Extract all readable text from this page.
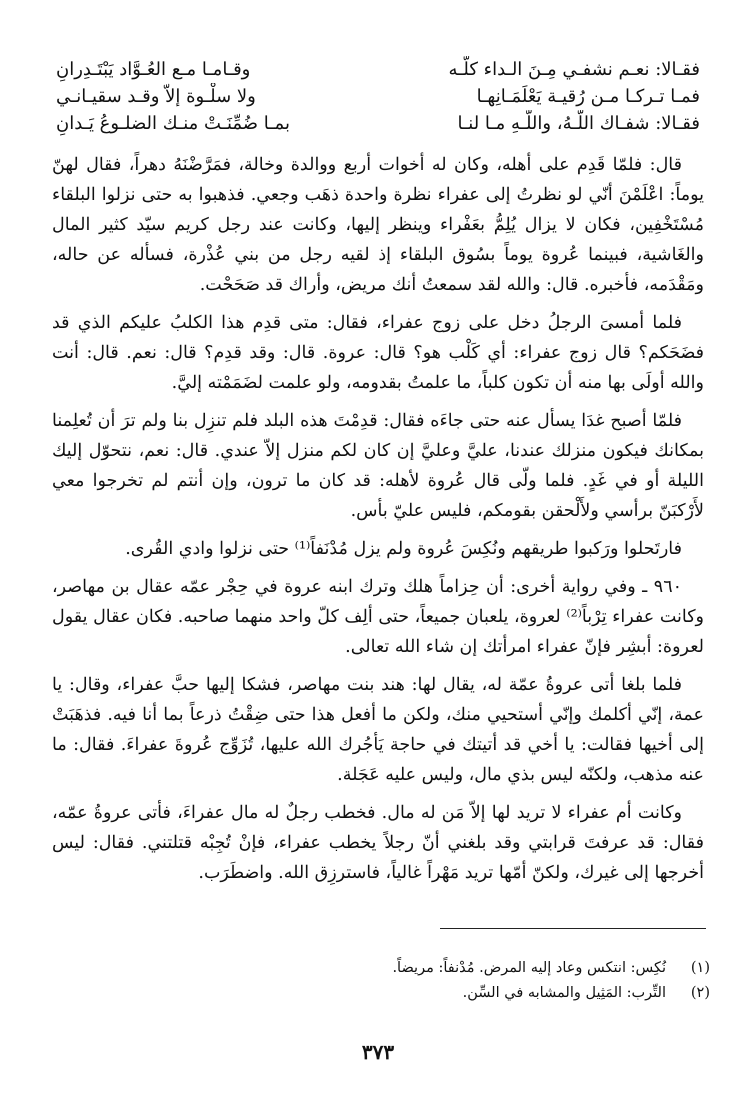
فقـالا: نعـم نشفـي مِـنَ الـداء كلّـه
وقـامـا مـع العُـوَّاد يَبْتَـدِرانِ
فمـا تـركـا مـن رُقيـة يَعْلَمَـانِهـا
ولا سلْـوة إلاّ وقـد سقيـانـي
فقـالا: شفـاك اللّـهُ، واللّـهِ مـا لنـا
بمـا ضُمِّنَـتْ منـك الضلـوعُ يَـدانِ

قال: فلمّا قَدِم على أهله، وكان له أخوات أربع ووالدة وخالة، فمَرَّضْنَهُ دهراً، فقال لهنّ يوماً: اعْلَمْنَ أنّي لو نظرتُ إلى عفراء نظرة واحدة ذهَب وجعي. فذهبوا به حتى نزلوا البلقاء مُسْتَخْفِين، فكان لا يزال يُلِمُّ بعَفْراء وينظر إليها، وكانت عند رجل كريم سيّد كثير المال والغَاشية، فبينما عُروة يوماً بسُوق البلقاء إذ لقيه رجل من بني عُذْرة، فسأله عن حاله، ومَقْدَمه، فأخبره. قال: والله لقد سمعتُ أنك مريض، وأراك قد صَحَحْت.

فلما أمسىَ الرجلُ دخل على زوج عفراء، فقال: متى قدِم هذا الكلبُ عليكم الذي قد فضَحَكم؟ قال زوج عفراء: أي كَلْب هو؟ قال: عروة. قال: وقد قدِم؟ قال: نعم. قال: أنت والله أولَى بها منه أن تكون كلباً، ما علمتُ بقدومه، ولو علمت لضَمَمْته إليَّ.

فلمّا أصبح غدَا يسأل عنه حتى جاءَه فقال: قدِمْتَ هذه البلد فلم تنزِل بنا ولم ترَ أن تُعلِمنا بمكانك فيكون منزلك عندنا، عليَّ وعليَّ إن كان لكم منزل إلاّ عندي. قال: نعم، نتحوّل إليك الليلة أو في غَدٍ. فلما ولّى قال عُروة لأهله: قد كان ما ترون، وإن أنتم لم تخرجوا معي لأَرْكبَنّ برأسي ولأَلْحقن بقومكم، فليس عليّ بأس.

فارتَحلوا ورَكبوا طريقهم ونُكِسَ عُروة ولم يزل مُدْنَفاً⁽¹⁾ حتى نزلوا وادي القُرى.

٩٦٠ ـ وفي رواية أخرى: أن حِزاماً هلك وترك ابنه عروة في حِجْر عمّه عقال بن مهاصر، وكانت عفراء تِرْباً⁽²⁾ لعروة، يلعبان جميعاً، حتى ألِف كلّ واحد منهما صاحبه. فكان عقال يقول لعروة: أبشِر فإنّ عفراء امرأتك إن شاء الله تعالى.

فلما بلغا أتى عروةُ عمّة له، يقال لها: هند بنت مهاصر، فشكا إليها حبَّ عفراء، وقال: يا عمة، إنّي أكلمك وإنّي أستحيي منك، ولكن ما أفعل هذا حتى ضِقْتُ ذرعاً بما أنا فيه. فذهَبَتْ إلى أخيها فقالت: يا أخي قد أتيتك في حاجة يَأجُرك الله عليها، تُزَوِّج عُروةَ عفراءَ. فقال: ما عنه مذهب، ولكنّه ليس بذي مال، وليس عليه عَجَلة.

وكانت أم عفراء لا تريد لها إلاّ مَن له مال. فخطب رجلٌ له مال عفراءَ، فأتى عروةُ عمّه، فقال: قد عرفتَ قرابتي وقد بلغني أنّ رجلاً يخطب عفراء، فإنْ تُجِبْه قتلتني. فقال: ليس أخرجها إلى غيرك، ولكنّ أمّها تريد مَهْراً غالياً، فاسترزِق الله. واضطَرَب.

(١)
نُكِس: انتكس وعاد إليه المرض. مُدْنفاً: مريضاً.
(٢)
التِّرب: المَثِيل والمشابه في السِّن.
٣٧٣
